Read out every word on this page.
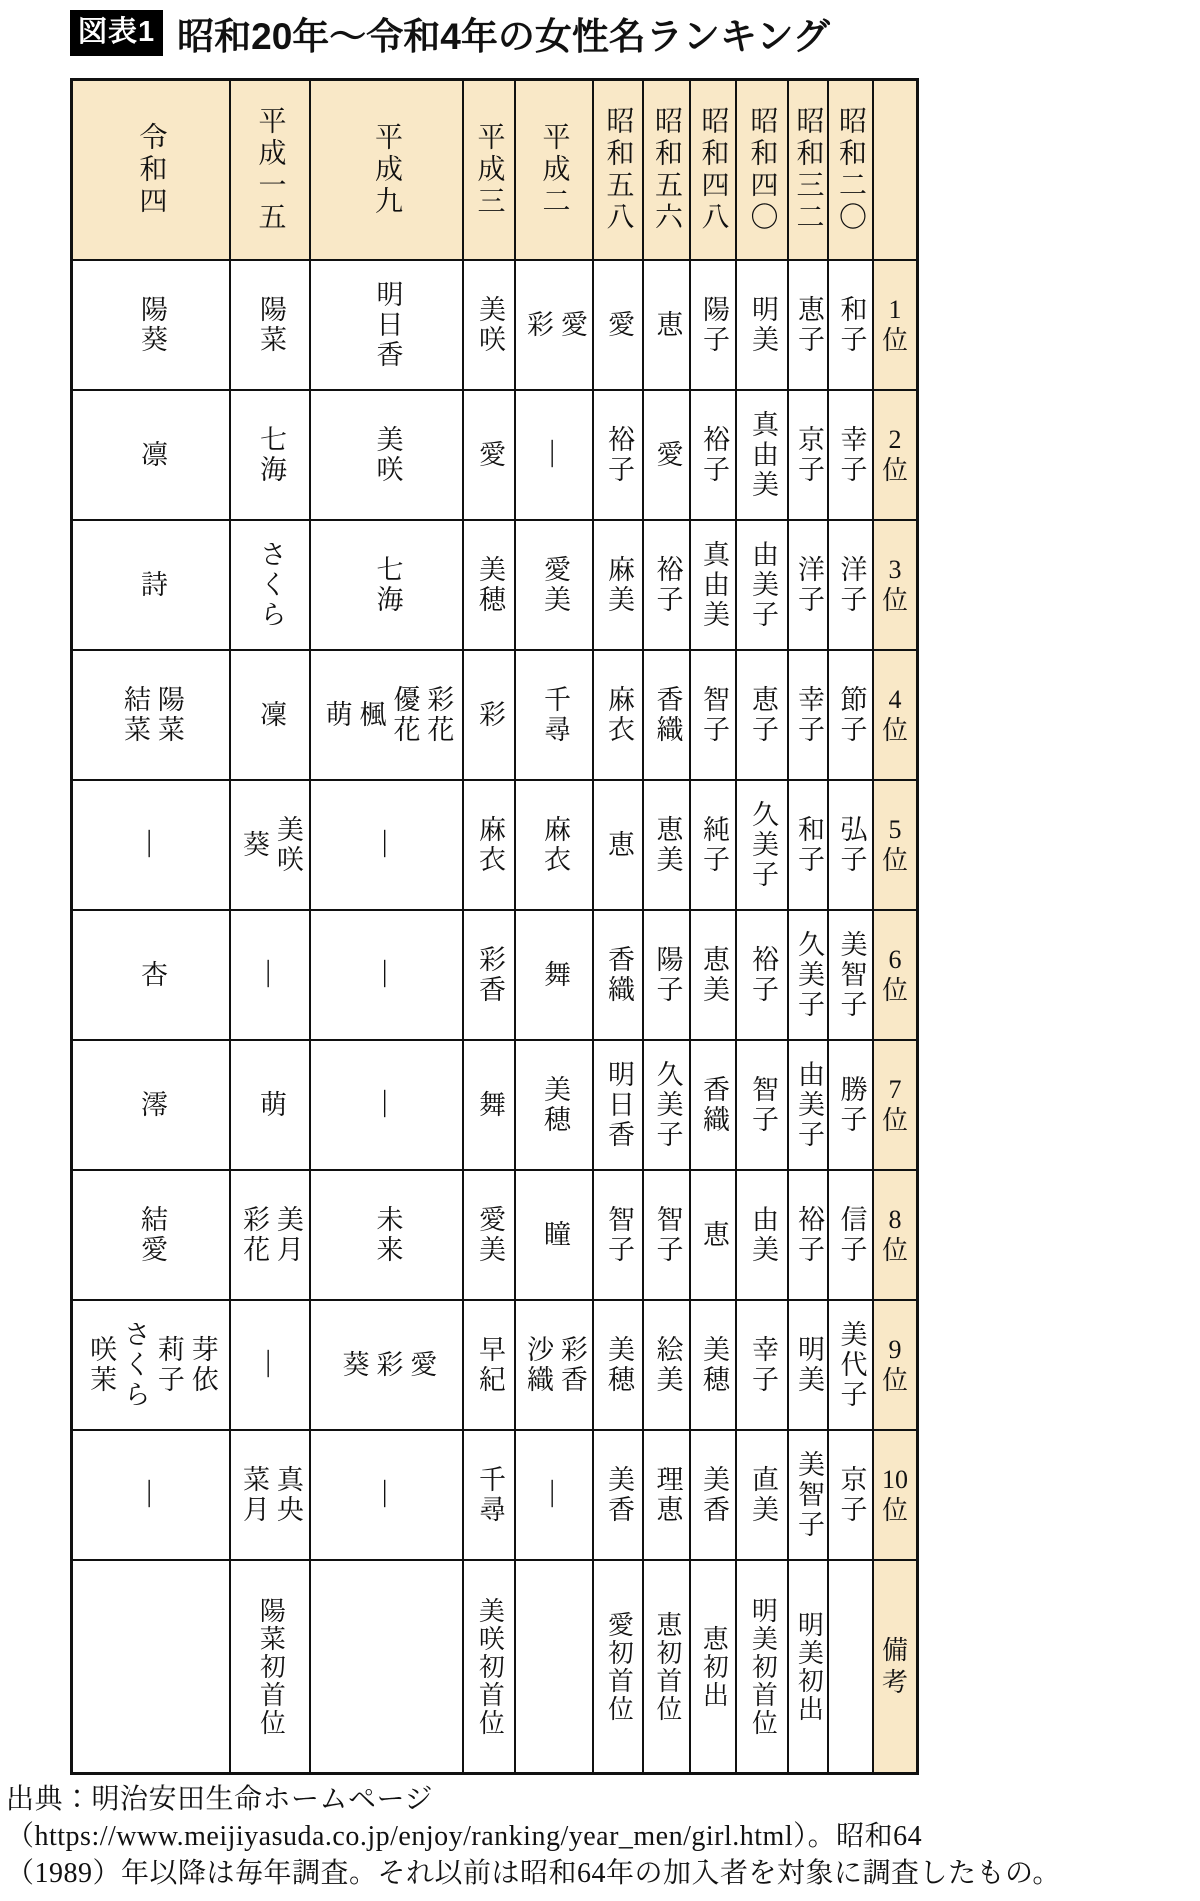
図表1 昭和20年〜令和4年の女性名ランキング
令和四
陽葵
凛
詩
陽菜
結菜
―
杏
澪
結愛
芽依
莉子
さくら
咲茉
―
平成一五
陽菜
七海
さくら
凜
美咲
葵
―
萌
美月
彩花
―
真央
菜月
陽菜初首位
平成九
明日香
美咲
七海
彩花
優花
楓
萌
―
―
―
未来
愛
彩
葵
―
平成三
美咲
愛
美穂
彩
麻衣
彩香
舞
愛美
早紀
千尋
美咲初首位
平成二
愛
彩
―
愛美
千尋
麻衣
舞
美穂
瞳
彩香
沙織
―
昭和五八
愛
裕子
麻美
麻衣
恵
香織
明日香
智子
美穂
美香
愛初首位
昭和五六
恵
愛
裕子
香織
恵美
陽子
久美子
智子
絵美
理恵
恵初首位
昭和四八
陽子
裕子
真由美
智子
純子
恵美
香織
恵
美穂
美香
恵初出
昭和四〇
明美
真由美
由美子
恵子
久美子
裕子
智子
由美
幸子
直美
明美初首位
昭和三二
恵子
京子
洋子
幸子
和子
久美子
由美子
裕子
明美
美智子
明美初出
昭和二〇
和子
幸子
洋子
節子
弘子
美智子
勝子
信子
美代子
京子
1位
2位
3位
4位
5位
6位
7位
8位
9位
10位
備考
出典：明治安田生命ホームページ
（https://www.meijiyasuda.co.jp/enjoy/ranking/year_men/girl.html）。昭和64
（1989）年以降は毎年調査。それ以前は昭和64年の加入者を対象に調査したもの。
